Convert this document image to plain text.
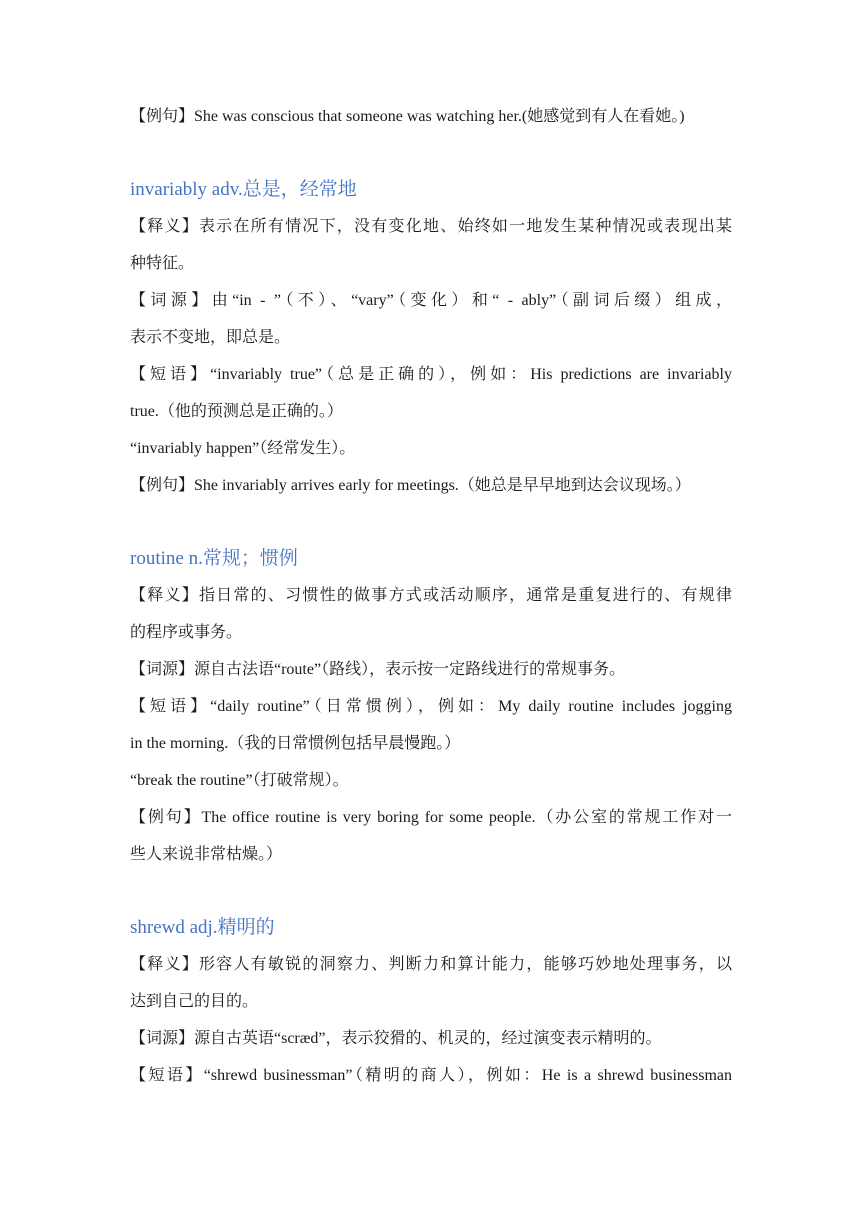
【例句】She was conscious that someone was watching her.(她感觉到有人在看她。)
invariably adv.总是，经常地
【释义】表示在所有情况下，没有变化地、始终如一地发生某种情况或表现出某
种特征。
【词源】由“in - ”（不）、“vary”（变化）和“ - ably”（副词后缀）组成，
表示不变地，即总是。
【短语】“invariably true”（总是正确的），例如：His predictions are invariably
true.（他的预测总是正确的。）
“invariably happen”（经常发生）。
【例句】She invariably arrives early for meetings.（她总是早早地到达会议现场。）
routine n.常规；惯例
【释义】指日常的、习惯性的做事方式或活动顺序，通常是重复进行的、有规律
的程序或事务。
【词源】源自古法语“route”（路线），表示按一定路线进行的常规事务。
【短语】“daily routine”（日常惯例），例如：My daily routine includes jogging
in the morning.（我的日常惯例包括早晨慢跑。）
“break the routine”（打破常规）。
【例句】The office routine is very boring for some people.（办公室的常规工作对一
些人来说非常枯燥。）
shrewd adj.精明的
【释义】形容人有敏锐的洞察力、判断力和算计能力，能够巧妙地处理事务，以
达到自己的目的。
【词源】源自古英语“scræd”，表示狡猾的、机灵的，经过演变表示精明的。
【短语】“shrewd businessman”（精明的商人），例如：He is a shrewd businessman
